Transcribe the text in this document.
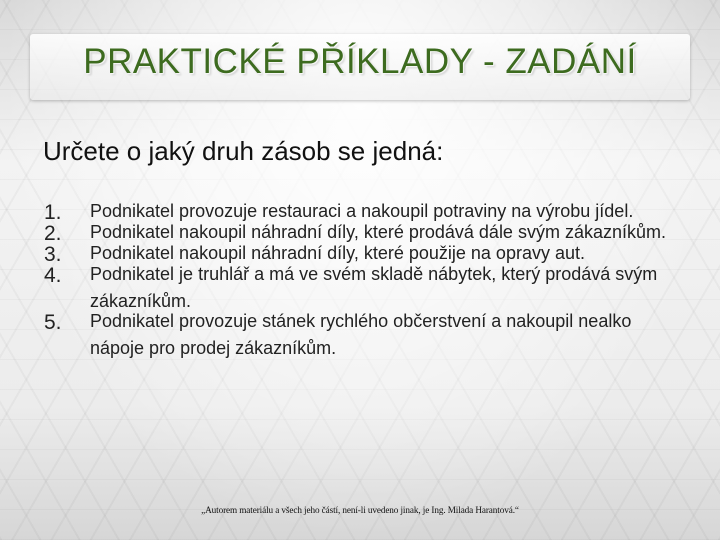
PRAKTICKÉ PŘÍKLADY - ZADÁNÍ
Určete o jaký druh zásob se jedná:
1.	Podnikatel provozuje restauraci a nakoupil potraviny na výrobu jídel.
2.	Podnikatel nakoupil náhradní díly, které prodává dále svým zákazníkům.
3.	Podnikatel nakoupil náhradní díly, které použije na opravy aut.
4.	Podnikatel je truhlář a má ve svém skladě nábytek, který prodává svým zákazníkům.
5.	Podnikatel provozuje stánek rychlého občerstvení a nakoupil nealko nápoje pro prodej zákazníkům.
„Autorem materiálu a všech jeho částí, není-li uvedeno jinak, je Ing. Milada Harantová.“
